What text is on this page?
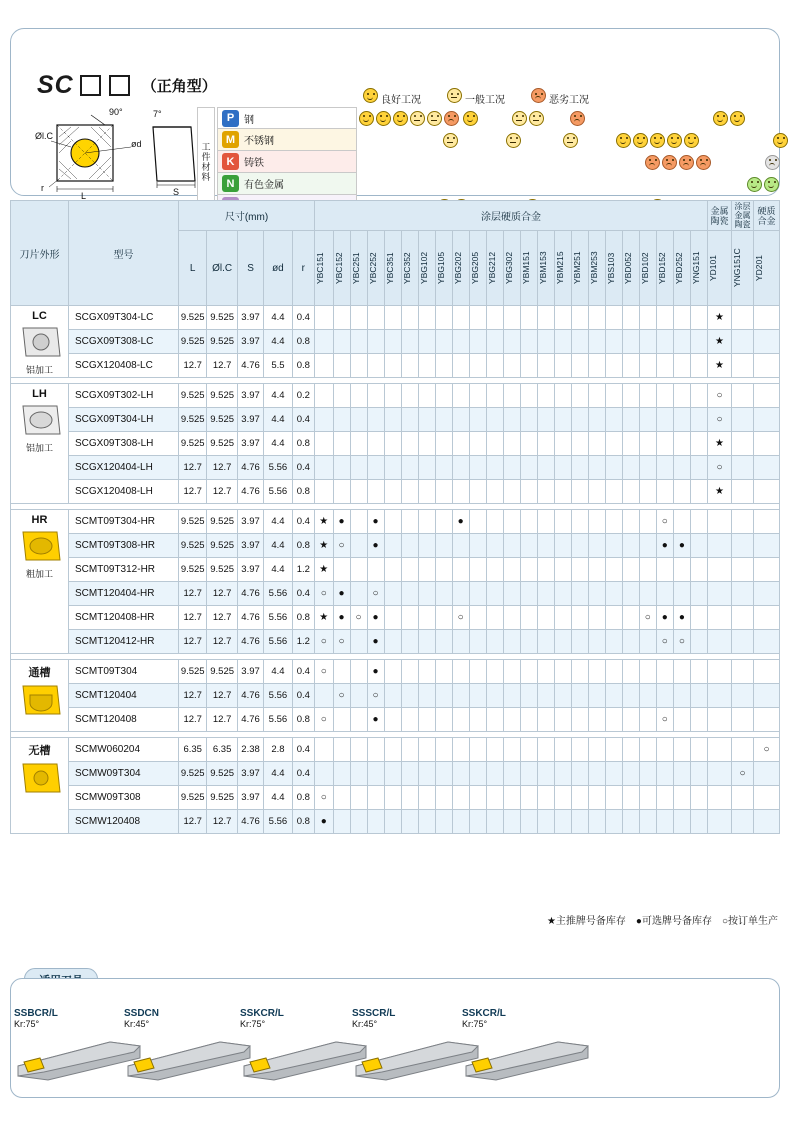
SC	（正角型）
90°	7°
Øl.C
ød
L	S
r
工件材料
P 钢
M 不锈钢
K 铸铁
N 有色金属
良好工况	一般工况	恶劣工况
刀片外形	型号	尺寸(mm)					涂层硬质合金																							金属陶瓷	涂层金属陶瓷	硬质合金
		L	Øl.C	S	ød	r	YBC151	YBC152	YBC251	YBC252	YBC351	YBC352	YBG102	YBG105	YBG202	YBG205	YBG212	YBG302	YBM151	YBM153	YBM215	YBM251	YBM253	YBS103	YBD052	YBD102	YBD152	YBD252	YNG151	YD101	YNG151C	YD201

LC
铝加工	SCGX09T304-LC	9.525	9.525	3.97	4.4	0.4																								★		
	SCGX09T308-LC	9.525	9.525	3.97	4.4	0.8																								★		
	SCGX120408-LC	12.7	12.7	4.76	5.5	0.8																								★		

LH
铝加工	SCGX09T302-LH	9.525	9.525	3.97	4.4	0.2																								○		
	SCGX09T304-LH	9.525	9.525	3.97	4.4	0.4																								○		
	SCGX09T308-LH	9.525	9.525	3.97	4.4	0.8																								★		
	SCGX120404-LH	12.7	12.7	4.76	5.56	0.4																								○		
	SCGX120408-LH	12.7	12.7	4.76	5.56	0.8																								★		

HR
粗加工	SCMT09T304-HR	9.525	9.525	3.97	4.4	0.4	★	●		●					●												○					
	SCMT09T308-HR	9.525	9.525	3.97	4.4	0.8	★	○		●																	●	●				
	SCMT09T312-HR	9.525	9.525	3.97	4.4	1.2	★																									
	SCMT120404-HR	12.7	12.7	4.76	5.56	0.4	○	●		○																						
	SCMT120408-HR	12.7	12.7	4.76	5.56	0.8	★	●	○	●					○											○	●	●				
	SCMT120412-HR	12.7	12.7	4.76	5.56	1.2	○	○		●																	○	○				

通槽	SCMT09T304	9.525	9.525	3.97	4.4	0.4	○			●																						
	SCMT120404	12.7	12.7	4.76	5.56	0.4		○		○																						
	SCMT120408	12.7	12.7	4.76	5.56	0.8	○			●																	○					

无槽	SCMW060204	6.35	6.35	2.38	2.8	0.4																										○
	SCMW09T304	9.525	9.525	3.97	4.4	0.4																									○	
	SCMW09T308	9.525	9.525	3.97	4.4	0.8	○																									
	SCMW120408	12.7	12.7	4.76	5.56	0.8	●																									
★主推牌号备库存　●可选牌号备库存　○按订单生产
SSBCR/L
Kr:75°
SSDCN
Kr:45°
SSKCR/L
Kr:75°
SSSCR/L
Kr:45°
SSKCR/L
Kr:75°
